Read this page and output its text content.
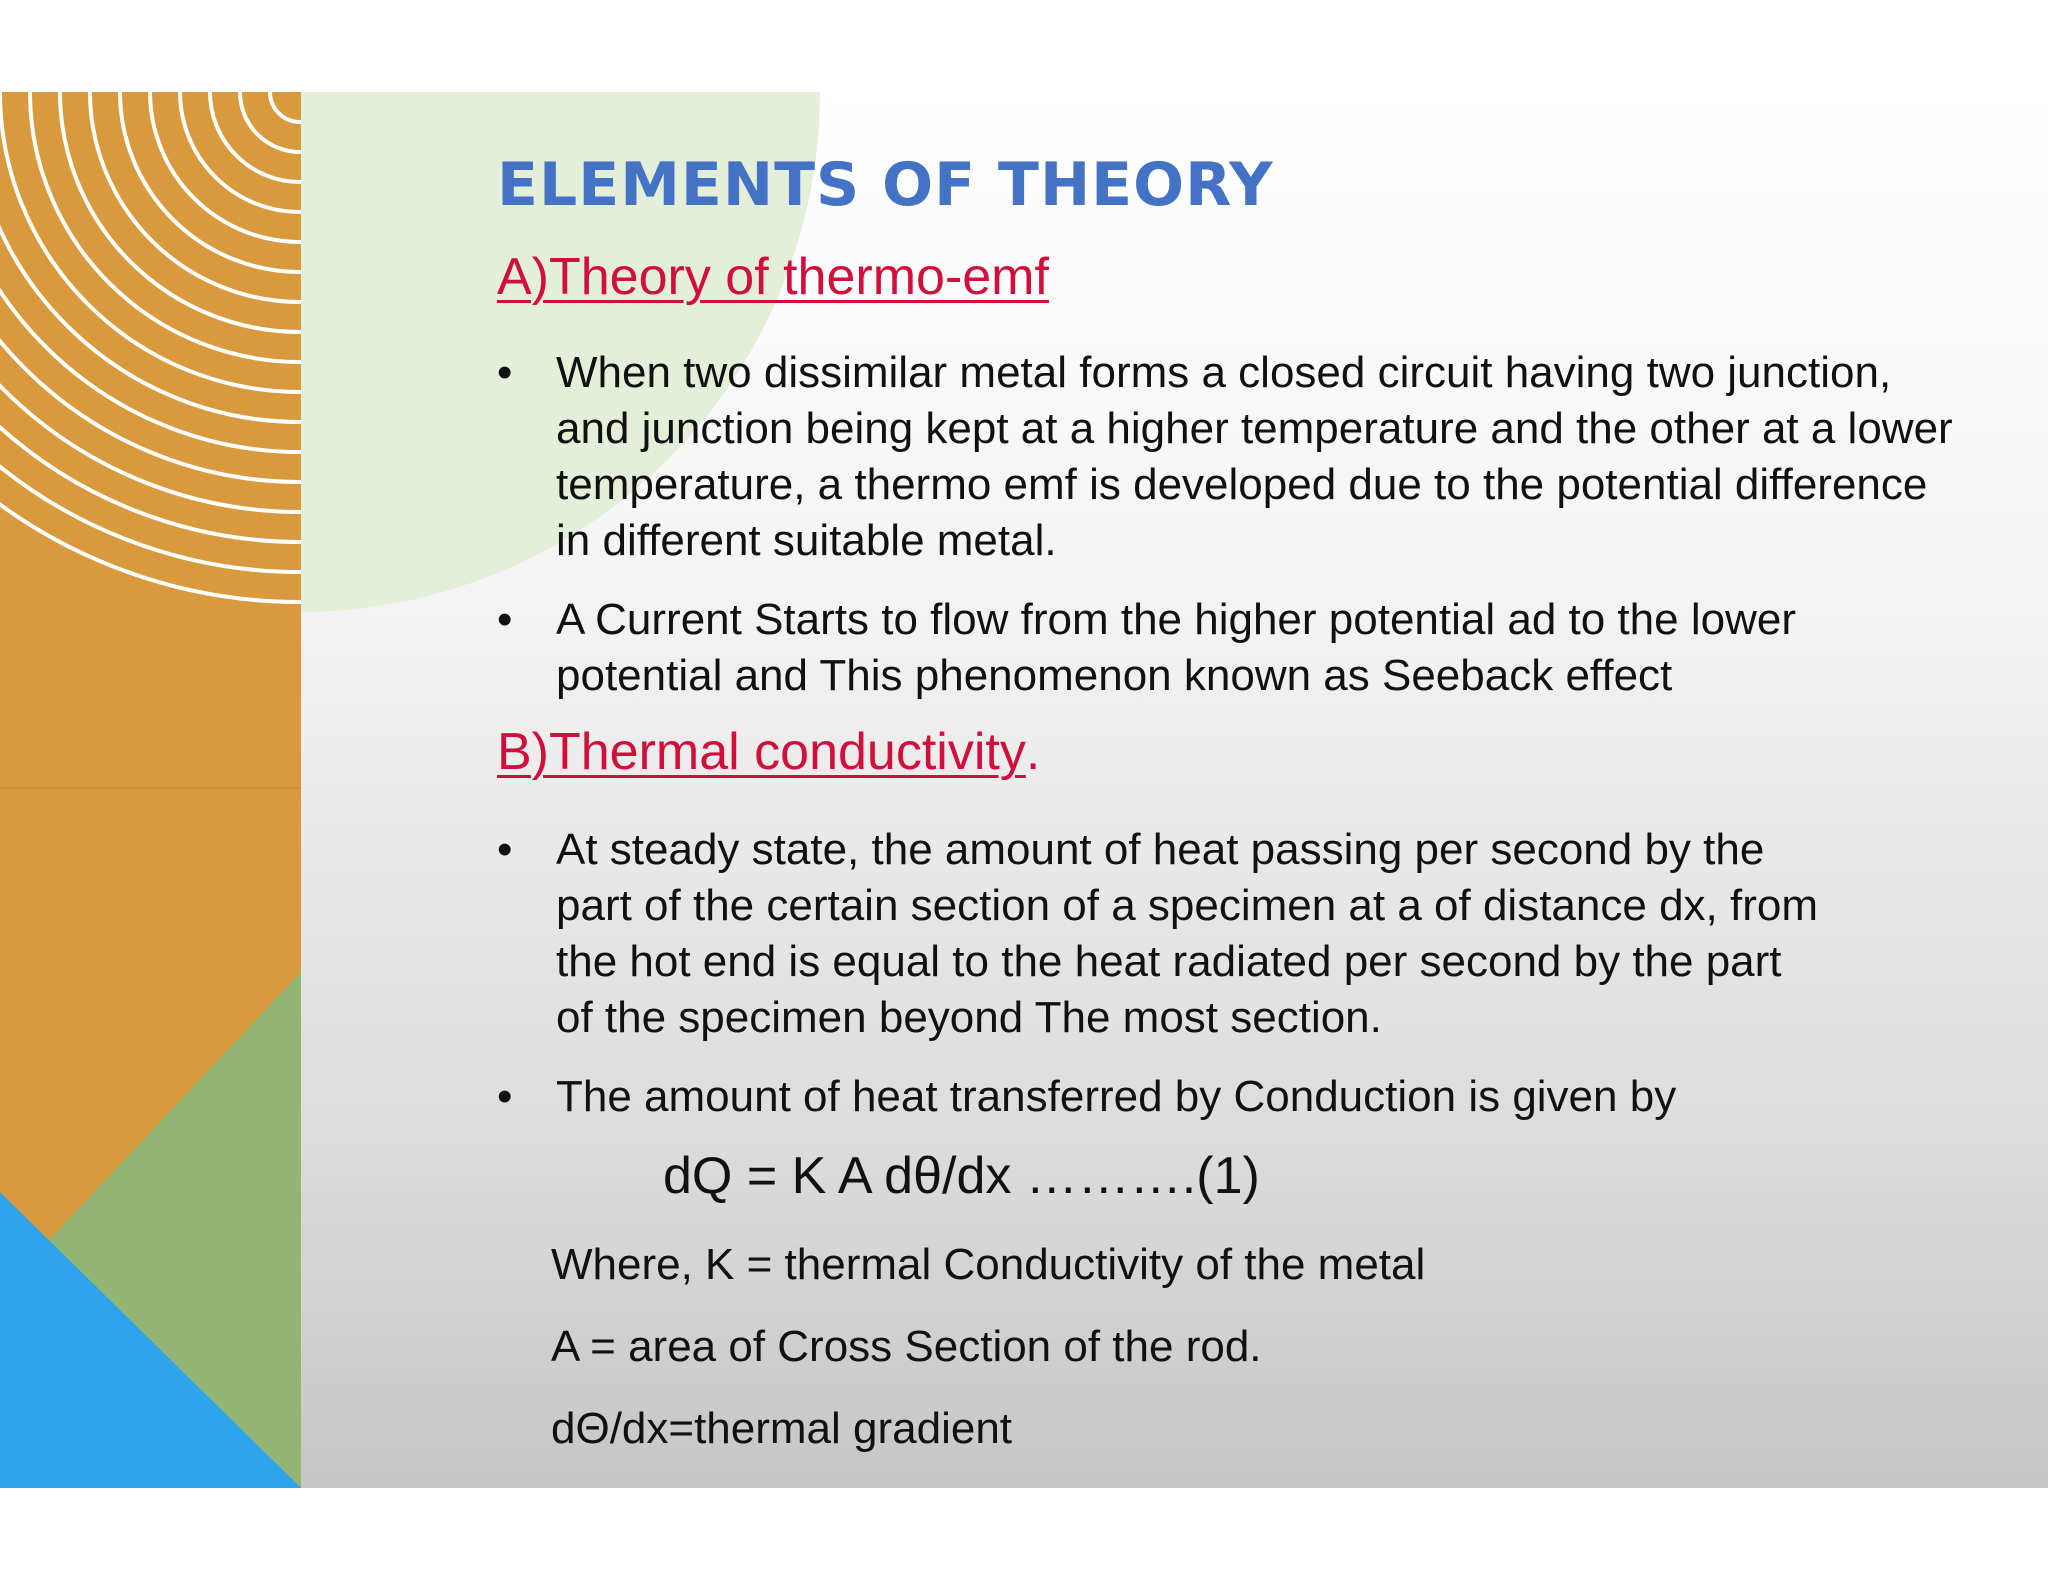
ELEMENTS OF THEORY
A)Theory of thermo-emf
• When two dissimilar metal forms a closed circuit having two junction,
and junction being kept at a higher temperature and the other at a lower
temperature, a thermo emf is developed due to the potential difference
in different suitable metal.
• A Current Starts to flow from the higher potential ad to the lower
potential and This phenomenon known as Seeback effect
B)Thermal conductivity.
• At steady state, the amount of heat passing per second by the
part of the certain section of a specimen at a of distance dx, from
the hot end is equal to the heat radiated per second by the part
of the specimen beyond The most section.
• The amount of heat transferred by Conduction is given by
dQ = K A dθ/dx ……….(1)
Where, K = thermal Conductivity of the metal
A = area of Cross Section of the rod.
dΘ/dx=thermal gradient
